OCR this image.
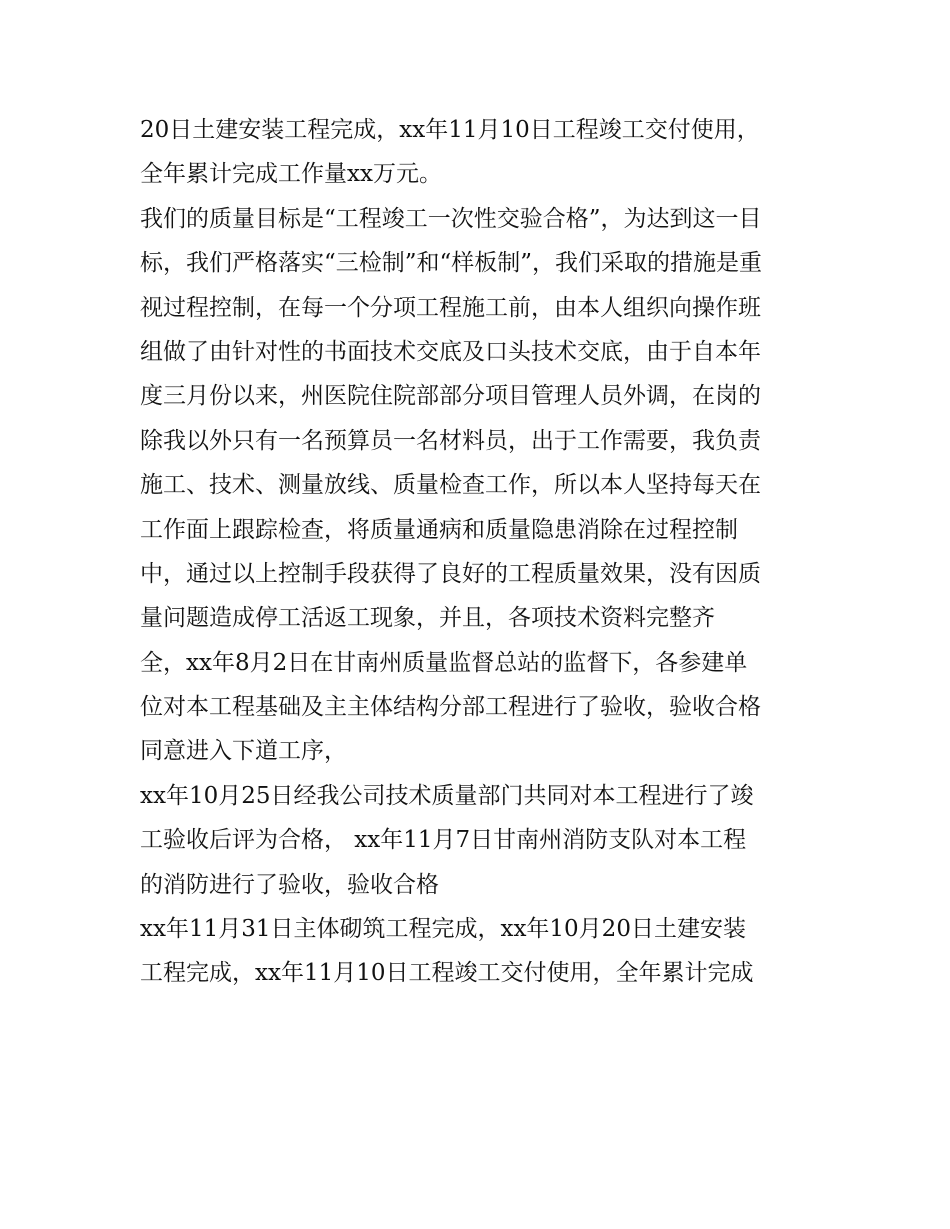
20日土建安装工程完成，xx年11月10日工程竣工交付使用，
全年累计完成工作量xx万元。
我们的质量目标是“工程竣工一次性交验合格”，为达到这一目
标，我们严格落实“三检制”和“样板制”，我们采取的措施是重
视过程控制，在每一个分项工程施工前，由本人组织向操作班
组做了由针对性的书面技术交底及口头技术交底，由于自本年
度三月份以来，州医院住院部部分项目管理人员外调，在岗的
除我以外只有一名预算员一名材料员，出于工作需要，我负责
施工、技术、测量放线、质量检查工作，所以本人坚持每天在
工作面上跟踪检查，将质量通病和质量隐患消除在过程控制
中，通过以上控制手段获得了良好的工程质量效果，没有因质
量问题造成停工活返工现象，并且，各项技术资料完整齐
全，xx年8月2日在甘南州质量监督总站的监督下，各参建单
位对本工程基础及主主体结构分部工程进行了验收，验收合格
同意进入下道工序，
xx年10月25日经我公司技术质量部门共同对本工程进行了竣
工验收后评为合格， xx年11月7日甘南州消防支队对本工程
的消防进行了验收，验收合格
xx年11月31日主体砌筑工程完成，xx年10月20日土建安装
工程完成，xx年11月10日工程竣工交付使用，全年累计完成
